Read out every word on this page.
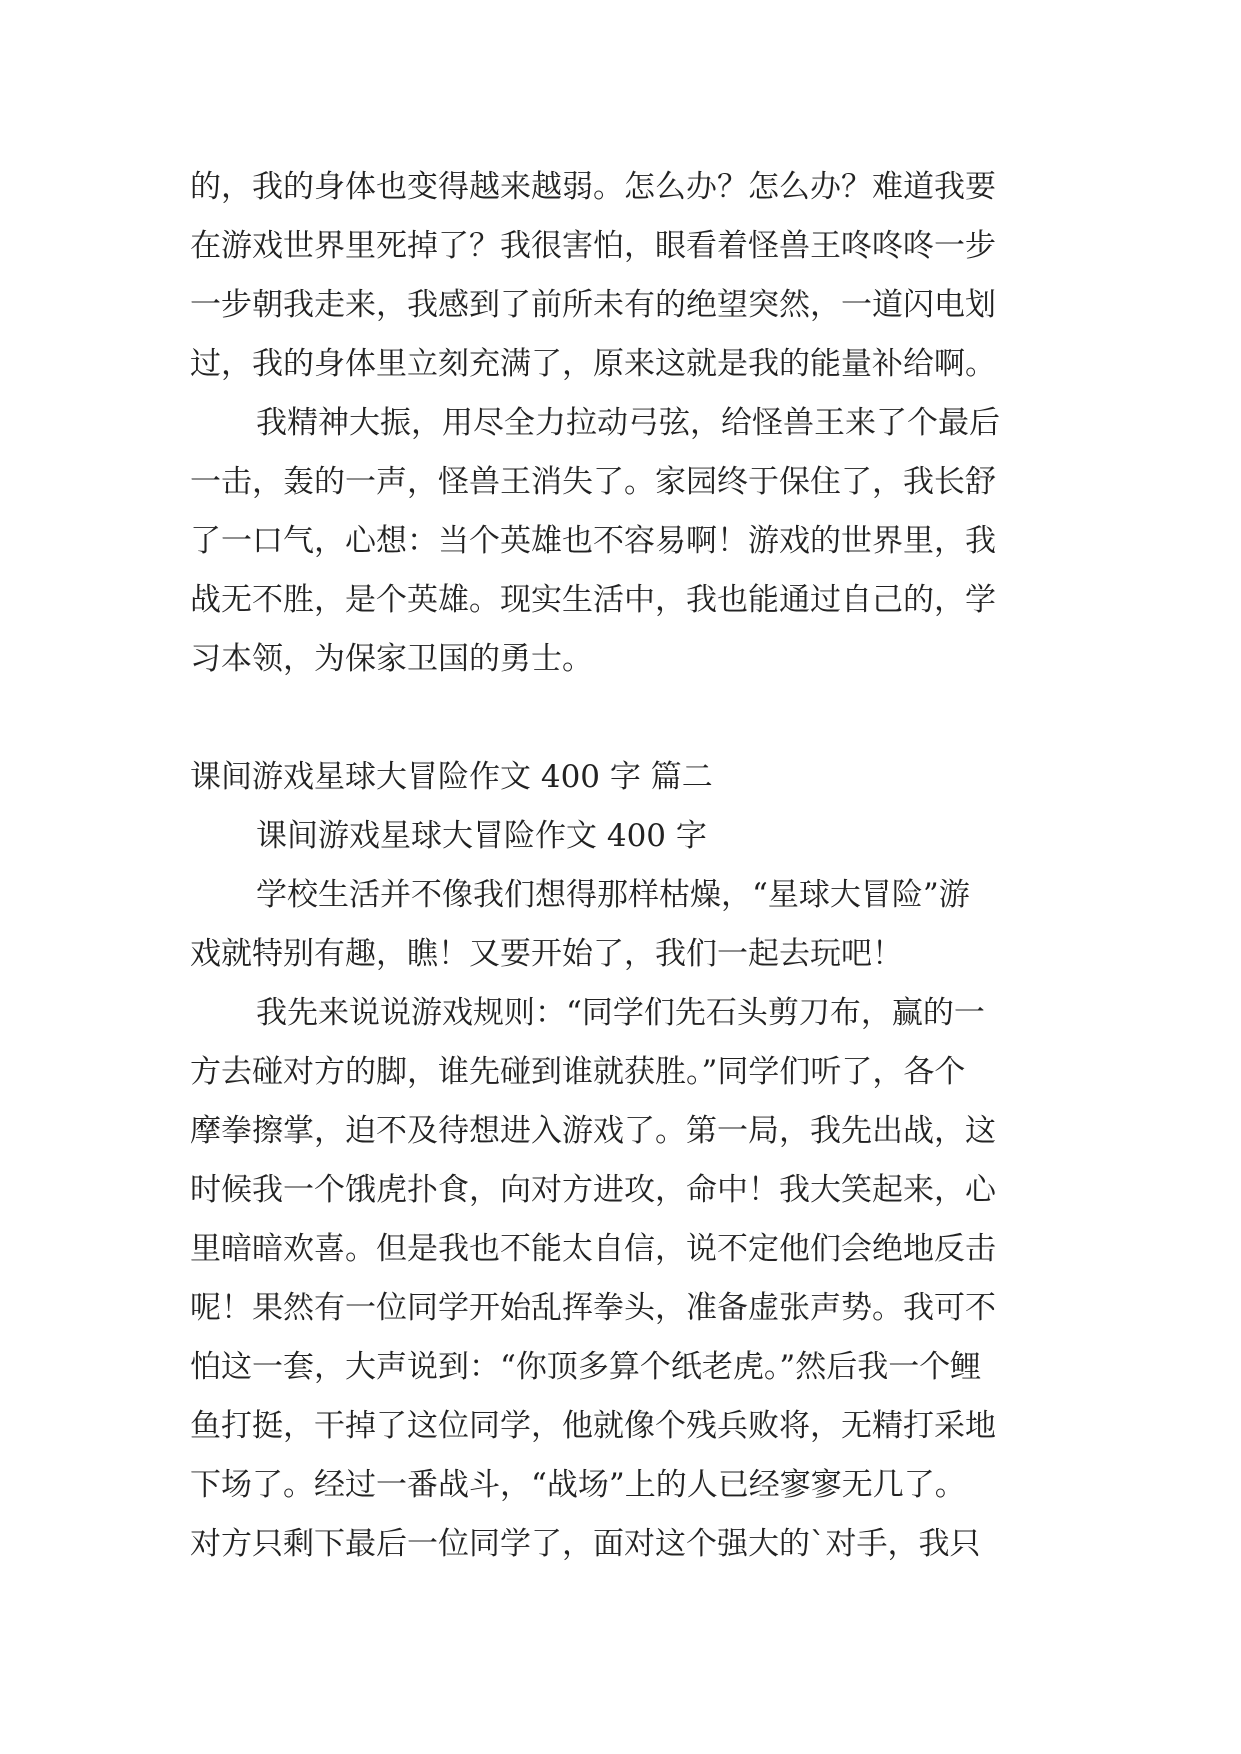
的，我的身体也变得越来越弱。怎么办？怎么办？难道我要
在游戏世界里死掉了？我很害怕，眼看着怪兽王咚咚咚一步
一步朝我走来，我感到了前所未有的绝望突然，一道闪电划
过，我的身体里立刻充满了，原来这就是我的能量补给啊。
我精神大振，用尽全力拉动弓弦，给怪兽王来了个最后
一击，轰的一声，怪兽王消失了。家园终于保住了，我长舒
了一口气，心想：当个英雄也不容易啊！游戏的世界里，我
战无不胜，是个英雄。现实生活中，我也能通过自己的，学
习本领，为保家卫国的勇士。
课间游戏星球大冒险作文 400 字 篇二
课间游戏星球大冒险作文 400 字
学校生活并不像我们想得那样枯燥，“星球大冒险”游
戏就特别有趣，瞧！又要开始了，我们一起去玩吧！
我先来说说游戏规则：“同学们先石头剪刀布，赢的一
方去碰对方的脚，谁先碰到谁就获胜。”同学们听了，各个
摩拳擦掌，迫不及待想进入游戏了。第一局，我先出战，这
时候我一个饿虎扑食，向对方进攻，命中！我大笑起来，心
里暗暗欢喜。但是我也不能太自信，说不定他们会绝地反击
呢！果然有一位同学开始乱挥拳头，准备虚张声势。我可不
怕这一套，大声说到：“你顶多算个纸老虎。”然后我一个鲤
鱼打挺，干掉了这位同学，他就像个残兵败将，无精打采地
下场了。经过一番战斗，“战场”上的人已经寥寥无几了。
对方只剩下最后一位同学了，面对这个强大的`对手，我只
